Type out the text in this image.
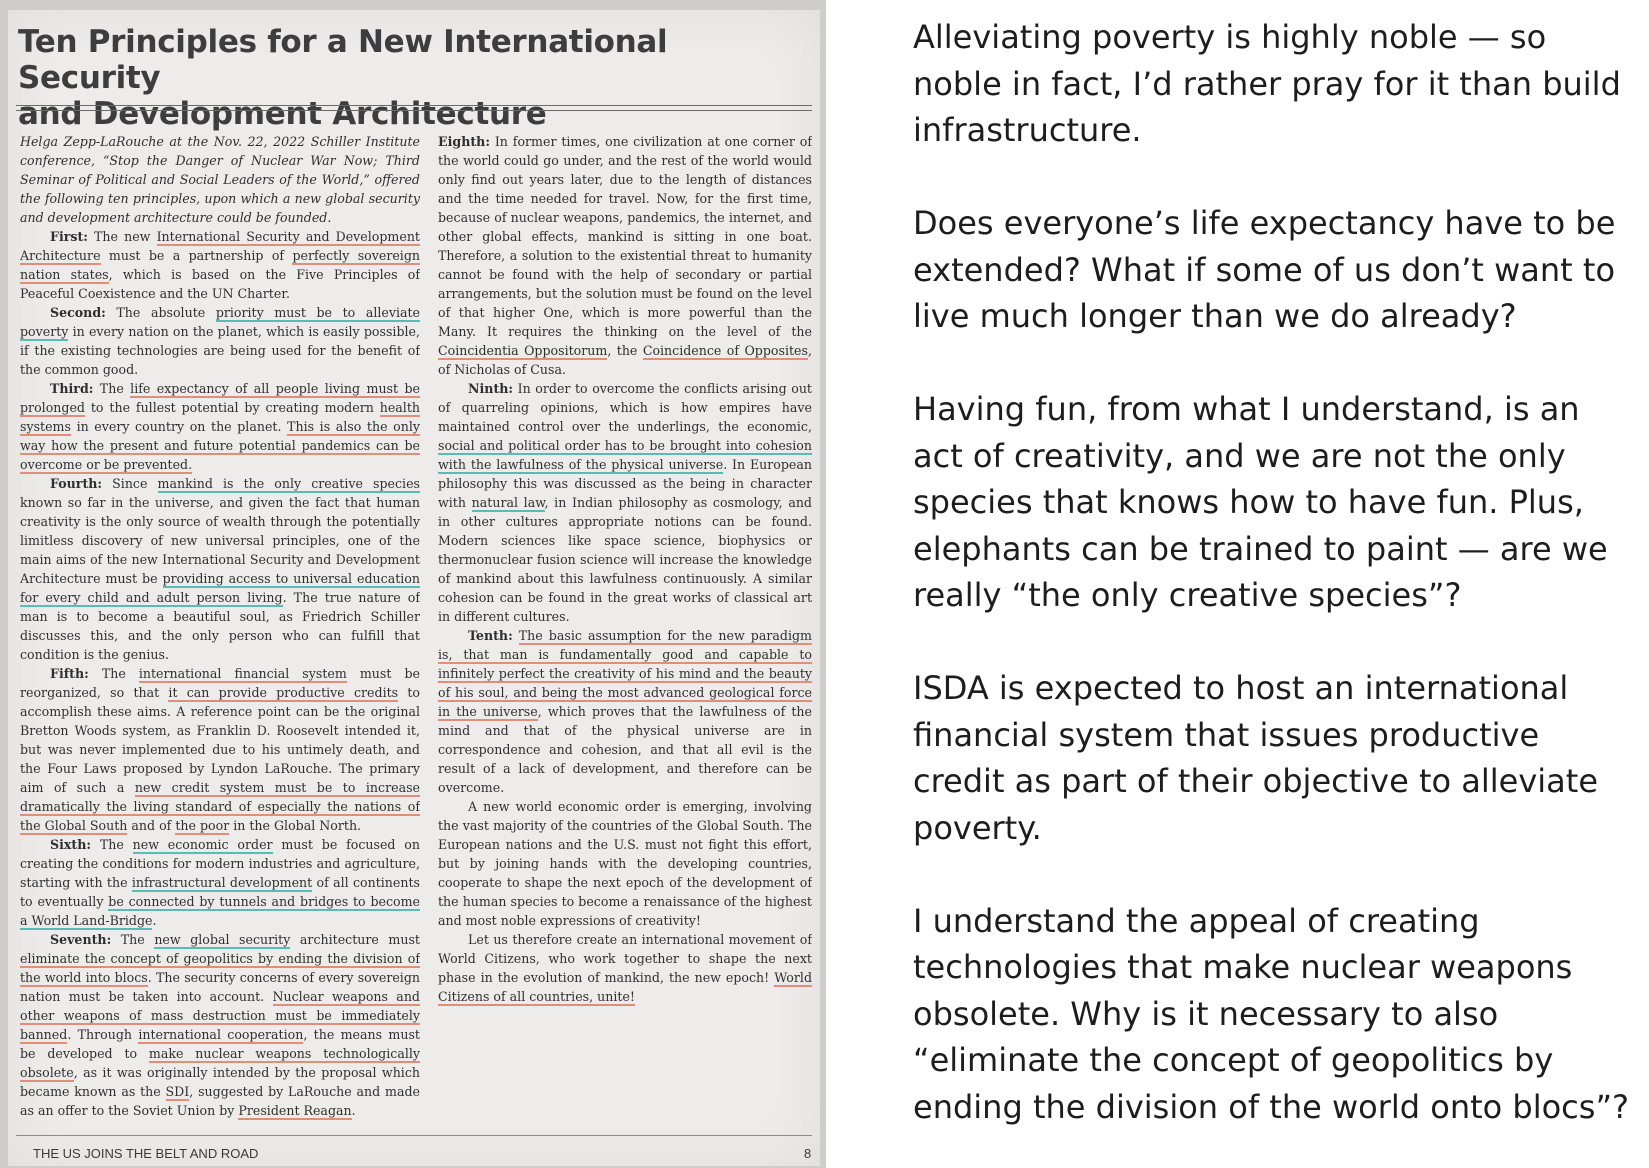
Ten Principles for a New International Security
and Development Architecture

Helga Zepp-LaRouche at the Nov. 22, 2022 Schiller Institute conference, “Stop the Danger of Nuclear War Now; Third Seminar of Political and Social Leaders of the World,” offered the following ten principles, upon which a new global security and development architecture could be founded.

First: The new International Security and Development Architecture must be a partnership of perfectly sovereign nation states, which is based on the Five Principles of Peaceful Coexistence and the UN Charter.

Second: The absolute priority must be to alleviate poverty in every nation on the planet, which is easily possible, if the existing technologies are being used for the benefit of the common good.

Third: The life expectancy of all people living must be prolonged to the fullest potential by creating modern health systems in every country on the planet. This is also the only way how the present and future potential pandemics can be overcome or be prevented.

Fourth: Since mankind is the only creative species known so far in the universe, and given the fact that human creativity is the only source of wealth through the potentially limitless discovery of new universal principles, one of the main aims of the new International Security and Development Architecture must be providing access to universal education for every child and adult person living. The true nature of man is to become a beautiful soul, as Friedrich Schiller discusses this, and the only person who can fulfill that condition is the genius.

Fifth: The international financial system must be reorganized, so that it can provide productive credits to accomplish these aims. A reference point can be the original Bretton Woods system, as Franklin D. Roosevelt intended it, but was never implemented due to his untimely death, and the Four Laws proposed by Lyndon LaRouche. The primary aim of such a new credit system must be to increase dramatically the living standard of especially the nations of the Global South and of the poor in the Global North.

Sixth: The new economic order must be focused on creating the conditions for modern industries and agriculture, starting with the infrastructural development of all continents to eventually be connected by tunnels and bridges to become a World Land-Bridge.

Seventh: The new global security architecture must eliminate the concept of geopolitics by ending the division of the world into blocs. The security concerns of every sovereign nation must be taken into account. Nuclear weapons and other weapons of mass destruction must be immediately banned. Through international cooperation, the means must be developed to make nuclear weapons technologically obsolete, as it was originally intended by the proposal which became known as the SDI, suggested by LaRouche and made as an offer to the Soviet Union by President Reagan.

Eighth: In former times, one civilization at one corner of the world could go under, and the rest of the world would only find out years later, due to the length of distances and the time needed for travel. Now, for the first time, because of nuclear weapons, pandemics, the internet, and other global effects, mankind is sitting in one boat. Therefore, a solution to the existential threat to humanity cannot be found with the help of secondary or partial arrangements, but the solution must be found on the level of that higher One, which is more powerful than the Many. It requires the thinking on the level of the Coincidentia Oppositorum, the Coincidence of Opposites, of Nicholas of Cusa.

Ninth: In order to overcome the conflicts arising out of quarreling opinions, which is how empires have maintained control over the underlings, the economic, social and political order has to be brought into cohesion with the lawfulness of the physical universe. In European philosophy this was discussed as the being in character with natural law, in Indian philosophy as cosmology, and in other cultures appropriate notions can be found. Modern sciences like space science, biophysics or thermonuclear fusion science will increase the knowledge of mankind about this lawfulness continuously. A similar cohesion can be found in the great works of classical art in different cultures.

Tenth: The basic assumption for the new paradigm is, that man is fundamentally good and capable to infinitely perfect the creativity of his mind and the beauty of his soul, and being the most advanced geological force in the universe, which proves that the lawfulness of the mind and that of the physical universe are in correspondence and cohesion, and that all evil is the result of a lack of development, and therefore can be overcome.

A new world economic order is emerging, involving the vast majority of the countries of the Global South. The European nations and the U.S. must not fight this effort, but by joining hands with the developing countries, cooperate to shape the next epoch of the development of the human species to become a renaissance of the highest and most noble expressions of creativity!

Let us therefore create an international movement of World Citizens, who work together to shape the next phase in the evolution of mankind, the new epoch! World Citizens of all countries, unite!

THE US JOINS THE BELT AND ROAD	8

Alleviating poverty is highly noble — so noble in fact, I’d rather pray for it than build infrastructure.

Does everyone’s life expectancy have to be extended? What if some of us don’t want to live much longer than we do already?

Having fun, from what I understand, is an act of creativity, and we are not the only species that knows how to have fun. Plus, elephants can be trained to paint — are we really “the only creative species”?

ISDA is expected to host an international financial system that issues productive credit as part of their objective to alleviate poverty.

I understand the appeal of creating technologies that make nuclear weapons obsolete. Why is it necessary to also “eliminate the concept of geopolitics by ending the division of the world onto blocs”?
